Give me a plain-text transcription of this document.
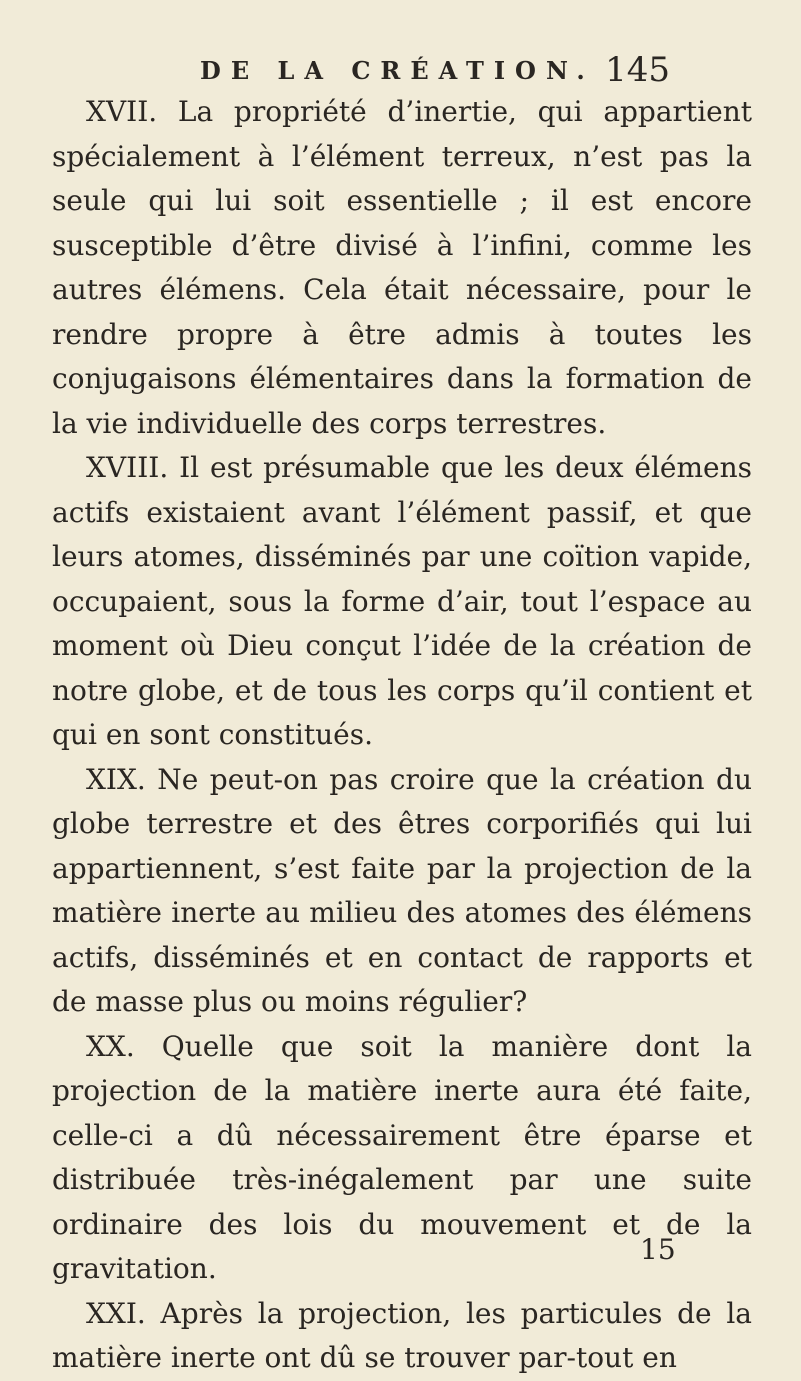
DE LA CRÉATION. 145

XVII. La propriété d’inertie, qui appartient spécialement à l’élément terreux, n’est pas la seule qui lui soit essentielle ; il est encore susceptible d’être divisé à l’infini, comme les autres élémens. Cela était nécessaire, pour le rendre propre à être admis à toutes les conjugaisons élémentaires dans la formation de la vie individuelle des corps terrestres.

XVIII. Il est présumable que les deux élémens actifs existaient avant l’élément passif, et que leurs atomes, disséminés par une coïtion vapide, occupaient, sous la forme d’air, tout l’espace au moment où Dieu conçut l’idée de la création de notre globe, et de tous les corps qu’il contient et qui en sont constitués.

XIX. Ne peut-on pas croire que la création du globe terrestre et des êtres corporifiés qui lui appartiennent, s’est faite par la projection de la matière inerte au milieu des atomes des élémens actifs, disséminés et en contact de rapports et de masse plus ou moins régulier?

XX. Quelle que soit la manière dont la projection de la matière inerte aura été faite, celle-ci a dû nécessairement être éparse et distribuée très-inégalement par une suite ordinaire des lois du mouvement et de la gravitation.

XXI. Après la projection, les particules de la matière inerte ont dû se trouver par-tout en

15
